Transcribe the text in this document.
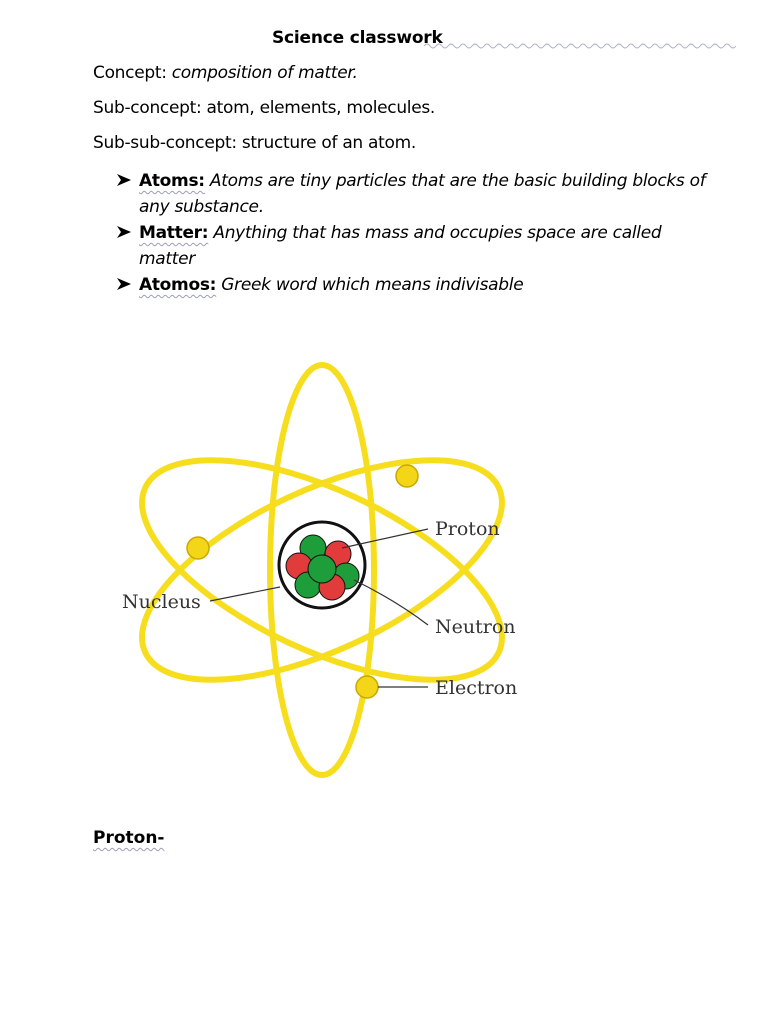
Science classwork
Concept: composition of matter.
Sub-concept: atom, elements, molecules.
Sub-sub-concept: structure of an atom.
Atoms: Atoms are tiny particles that are the basic building blocks of any substance.
Matter: Anything that has mass and occupies space are called matter
Atomos: Greek word which means indivisable
Proton
Nucleus
Neutron
Electron
Proton-
